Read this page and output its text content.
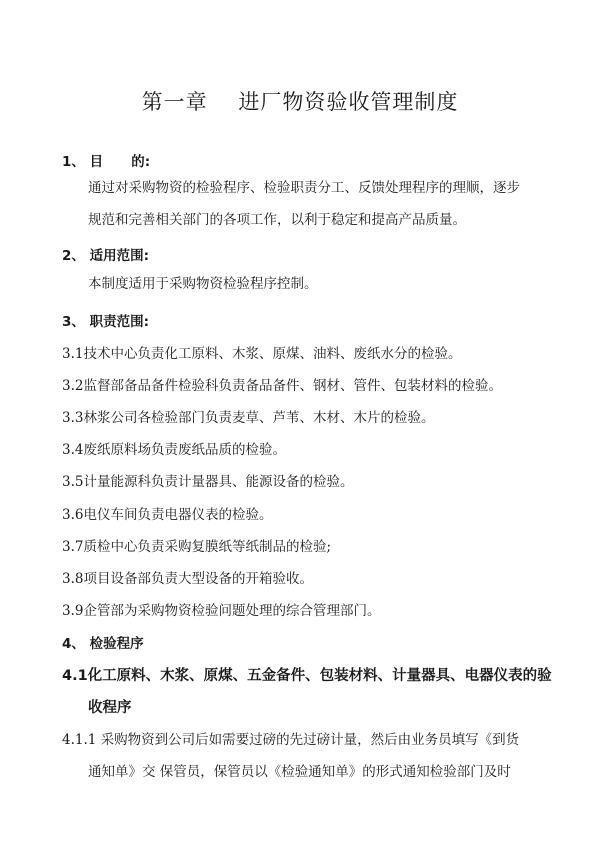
第一章    进厂物资验收管理制度
1、 目      的:

通过对采购物资的检验程序、检验职责分工、反馈处理程序的理顺，逐步

规范和完善相关部门的各项工作，以利于稳定和提高产品质量。

2、 适用范围:

本制度适用于采购物资检验程序控制。

3、 职责范围:

3.1技术中心负责化工原料、木浆、原煤、油料、废纸水分的检验。

3.2监督部备品备件检验科负责备品备件、钢材、管件、包装材料的检验。

3.3林浆公司各检验部门负责麦草、芦苇、木材、木片的检验。

3.4废纸原料场负责废纸品质的检验。

3.5计量能源科负责计量器具、能源设备的检验。

3.6电仪车间负责电器仪表的检验。

3.7质检中心负责采购复膜纸等纸制品的检验;

3.8项目设备部负责大型设备的开箱验收。

3.9企管部为采购物资检验问题处理的综合管理部门。

4、 检验程序

4.1化工原料、木浆、原煤、五金备件、包装材料、计量器具、电器仪表的验

收程序

4.1.1 采购物资到公司后如需要过磅的先过磅计量，然后由业务员填写《到货

通知单》交 保管员，保管员以《检验通知单》的形式通知检验部门及时
